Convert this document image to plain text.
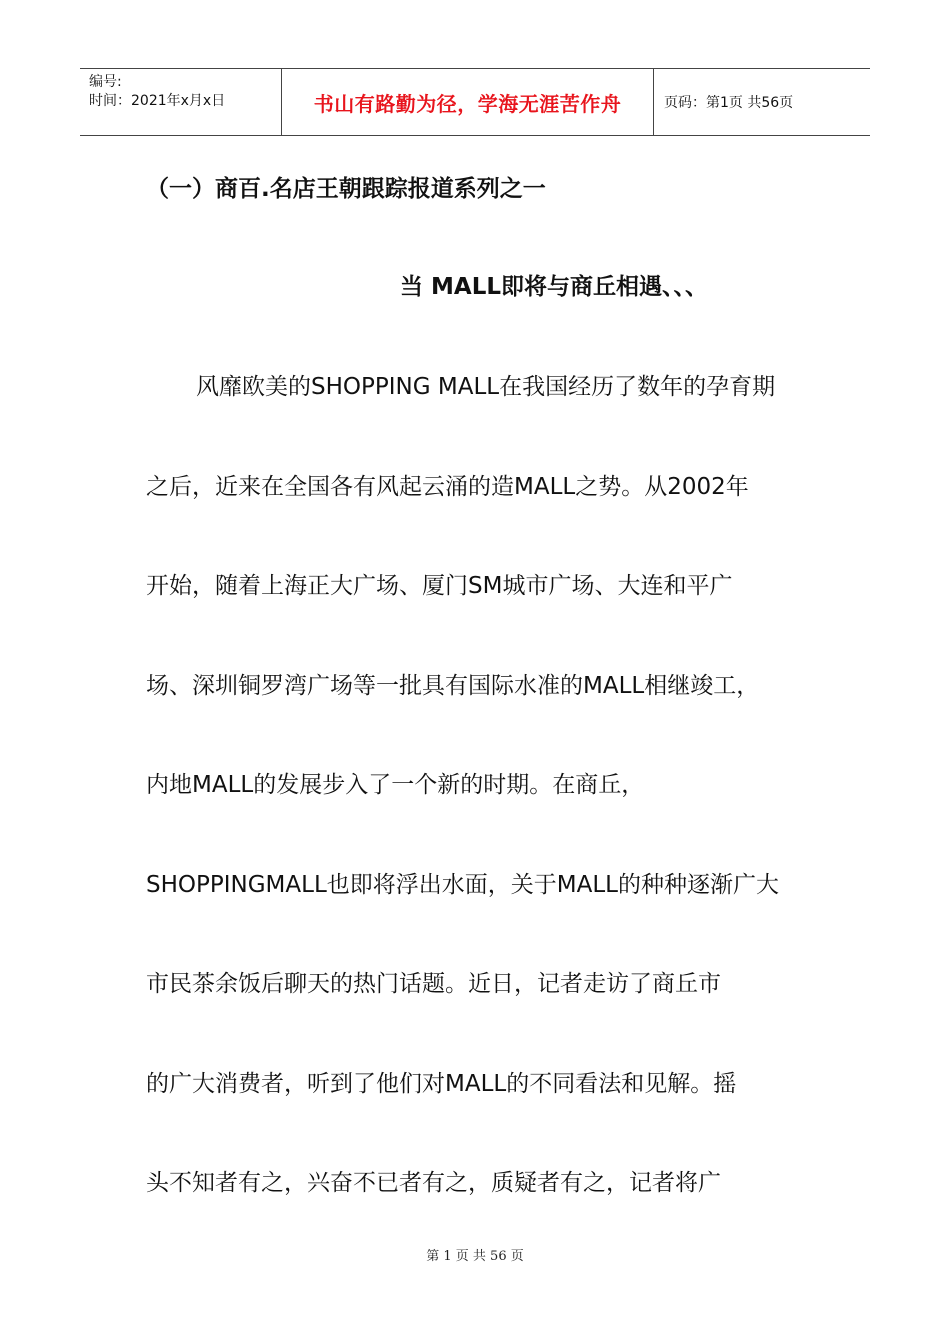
编号:
时间：2021年x月x日	书山有路勤为径，学海无涯苦作舟	页码：第1页 共56页
（一）商百.名店王朝跟踪报道系列之一
当 MALL即将与商丘相遇、、、
风靡欧美的SHOPPING MALL在我国经历了数年的孕育期
之后，近来在全国各有风起云涌的造MALL之势。从2002年
开始，随着上海正大广场、厦门SM城市广场、大连和平广
场、深圳铜罗湾广场等一批具有国际水准的MALL相继竣工，
内地MALL的发展步入了一个新的时期。在商丘，
SHOPPINGMALL也即将浮出水面，关于MALL的种种逐渐广大
市民茶余饭后聊天的热门话题。近日，记者走访了商丘市
的广大消费者，听到了他们对MALL的不同看法和见解。摇
头不知者有之，兴奋不已者有之，质疑者有之，记者将广
第 1 页 共 56 页
